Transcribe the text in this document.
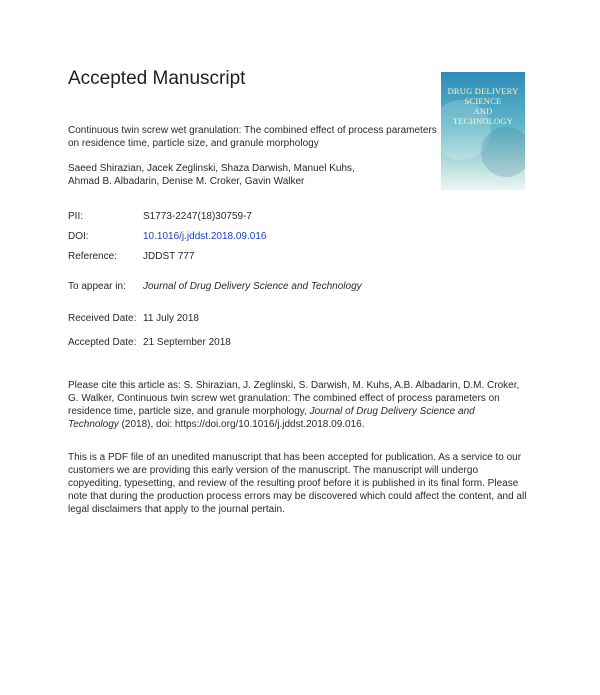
Accepted Manuscript
DRUG DELIVERY
SCIENCE
AND TECHNOLOGY
Continuous twin screw wet granulation: The combined effect of process parameters on residence time, particle size, and granule morphology
Saeed Shirazian, Jacek Zeglinski, Shaza Darwish, Manuel Kuhs, Ahmad B. Albadarin, Denise M. Croker, Gavin Walker
PII:	S1773-2247(18)30759-7
DOI:	10.1016/j.jddst.2018.09.016
Reference:	JDDST 777
To appear in: Journal of Drug Delivery Science and Technology
Received Date: 11 July 2018
Accepted Date: 21 September 2018
Please cite this article as: S. Shirazian, J. Zeglinski, S. Darwish, M. Kuhs, A.B. Albadarin, D.M. Croker, G. Walker, Continuous twin screw wet granulation: The combined effect of process parameters on residence time, particle size, and granule morphology, Journal of Drug Delivery Science and Technology (2018), doi: https://doi.org/10.1016/j.jddst.2018.09.016.
This is a PDF file of an unedited manuscript that has been accepted for publication. As a service to our customers we are providing this early version of the manuscript. The manuscript will undergo copyediting, typesetting, and review of the resulting proof before it is published in its final form. Please note that during the production process errors may be discovered which could affect the content, and all legal disclaimers that apply to the journal pertain.
